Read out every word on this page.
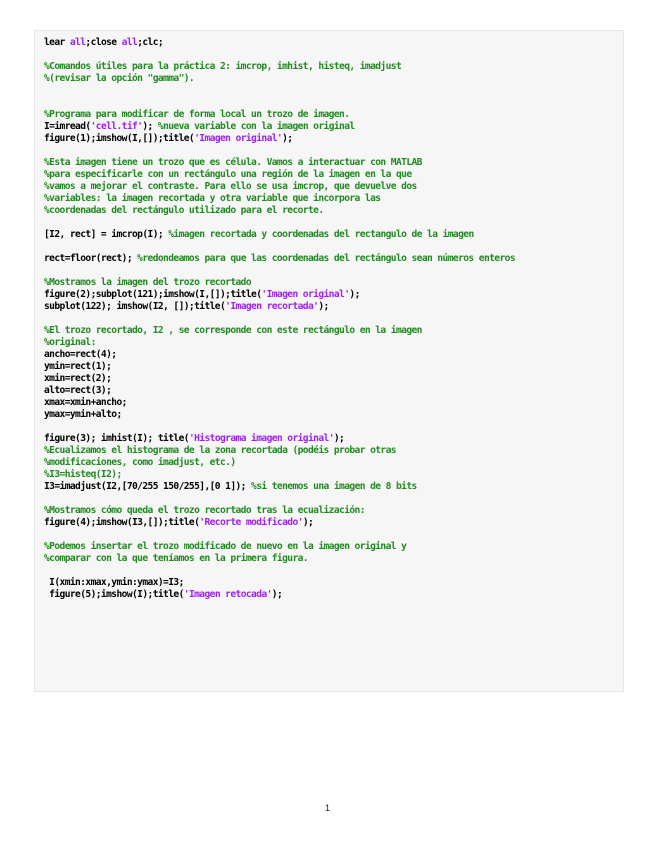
lear all;close all;clc;
%Comandos útiles para la práctica 2: imcrop, imhist, histeq, imadjust
%(revisar la opción "gamma").
%Programa para modificar de forma local un trozo de imagen.
I=imread('cell.tif'); %nueva variable con la imagen original
figure(1);imshow(I,[]);title('Imagen original');
%Esta imagen tiene un trozo que es célula. Vamos a interactuar con MATLAB
%para especificarle con un rectángulo una región de la imagen en la que
%vamos a mejorar el contraste. Para ello se usa imcrop, que devuelve dos
%variables: la imagen recortada y otra variable que incorpora las
%coordenadas del rectángulo utilizado para el recorte.
[I2, rect] = imcrop(I); %imagen recortada y coordenadas del rectangulo de la imagen
rect=floor(rect); %redondeamos para que las coordenadas del rectángulo sean números enteros
%Mostramos la imagen del trozo recortado
figure(2);subplot(121);imshow(I,[]);title('Imagen original');
subplot(122); imshow(I2, []);title('Imagen recortada');
%El trozo recortado, I2 , se corresponde con este rectángulo en la imagen
%original:
ancho=rect(4);
ymin=rect(1);
xmin=rect(2);
alto=rect(3);
xmax=xmin+ancho;
ymax=ymin+alto;
figure(3); imhist(I); title('Histograma imagen original');
%Ecualizamos el histograma de la zona recortada (podéis probar otras
%modificaciones, como imadjust, etc.)
%I3=histeq(I2);
I3=imadjust(I2,[70/255 150/255],[0 1]); %si tenemos una imagen de 8 bits
%Mostramos cómo queda el trozo recortado tras la ecualización:
figure(4);imshow(I3,[]);title('Recorte modificado');
%Podemos insertar el trozo modificado de nuevo en la imagen original y
%comparar con la que teníamos en la primera figura.
I(xmin:xmax,ymin:ymax)=I3;
figure(5);imshow(I);title('Imagen retocada');
1
